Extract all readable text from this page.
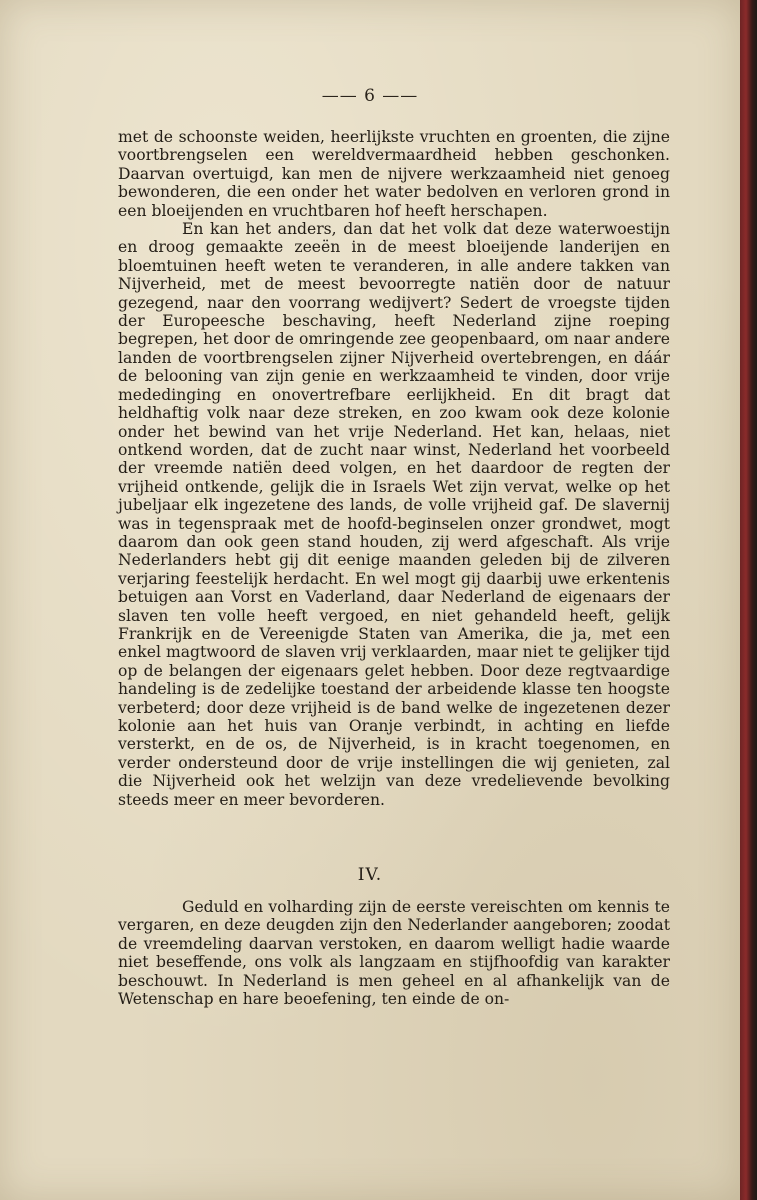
—— 6 ——

met de schoonste weiden, heerlijkste vruchten en groenten, die zijne voortbrengselen een wereldvermaardheid hebben geschonken. Daarvan overtuigd, kan men de nijvere werkzaamheid niet genoeg bewonderen, die een onder het water bedolven en verloren grond in een bloeijenden en vruchtbaren hof heeft herschapen.

En kan het anders, dan dat het volk dat deze waterwoestijn en droog gemaakte zeeën in de meest bloeijende landerijen en bloemtuinen heeft weten te veranderen, in alle andere takken van Nijverheid, met de meest bevoorregte natiën door de natuur gezegend, naar den voorrang wedijvert? Sedert de vroegste tijden der Europeesche beschaving, heeft Nederland zijne roeping begrepen, het door de omringende zee geopenbaard, om naar andere landen de voortbrengselen zijner Nijverheid overtebrengen, en dáár de belooning van zijn genie en werkzaamheid te vinden, door vrije mededinging en onovertrefbare eerlijkheid. En dit bragt dat heldhaftig volk naar deze streken, en zoo kwam ook deze kolonie onder het bewind van het vrije Nederland. Het kan, helaas, niet ontkend worden, dat de zucht naar winst, Nederland het voorbeeld der vreemde natiën deed volgen, en het daardoor de regten der vrijheid ontkende, gelijk die in Israels Wet zijn vervat, welke op het jubeljaar elk ingezetene des lands, de volle vrijheid gaf. De slavernij was in tegenspraak met de hoofd-beginselen onzer grondwet, mogt daarom dan ook geen stand houden, zij werd afgeschaft. Als vrije Nederlanders hebt gij dit eenige maanden geleden bij de zilveren verjaring feestelijk herdacht. En wel mogt gij daarbij uwe erkentenis betuigen aan Vorst en Vaderland, daar Nederland de eigenaars der slaven ten volle heeft vergoed, en niet gehandeld heeft, gelijk Frankrijk en de Vereenigde Staten van Amerika, die ja, met een enkel magtwoord de slaven vrij verklaarden, maar niet te gelijker tijd op de belangen der eigenaars gelet hebben. Door deze regtvaardige handeling is de zedelijke toestand der arbeidende klasse ten hoogste verbeterd; door deze vrijheid is de band welke de ingezetenen dezer kolonie aan het huis van Oranje verbindt, in achting en liefde versterkt, en de os, de Nijverheid, is in kracht toegenomen, en verder ondersteund door de vrije instellingen die wij genieten, zal die Nijverheid ook het welzijn van deze vredelievende bevolking steeds meer en meer bevorderen.

IV.

Geduld en volharding zijn de eerste vereischten om kennis te vergaren, en deze deugden zijn den Nederlander aangeboren; zoodat de vreemdeling daarvan verstoken, en daarom welligt hadie waarde niet beseffende, ons volk als langzaam en stijfhoofdig van karakter beschouwt. In Nederland is men geheel en al afhankelijk van de Wetenschap en hare beoefening, ten einde de on-
